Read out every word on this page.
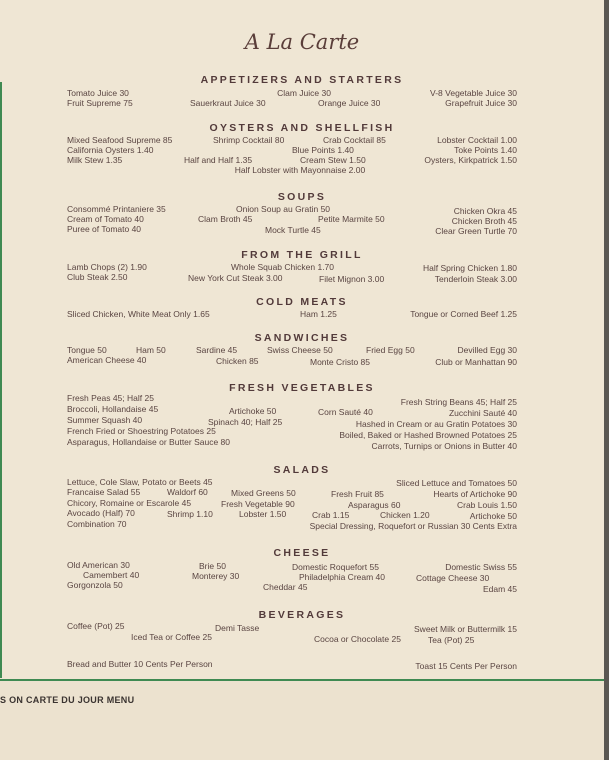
S ON CARTE DU JOUR MENU
A La Carte
APPETIZERS AND STARTERS
Tomato Juice 30	Clam Juice 30	V-8 Vegetable Juice 30
Fruit Supreme 75	Sauerkraut Juice 30	Orange Juice 30	Grapefruit Juice 30
OYSTERS AND SHELLFISH
Mixed Seafood Supreme 85	Shrimp Cocktail 80	Crab Cocktail 85	Lobster Cocktail 1.00
California Oysters 1.40	Blue Points 1.40	Toke Points 1.40
Milk Stew 1.35	Half and Half 1.35	Cream Stew 1.50	Oysters, Kirkpatrick 1.50
Half Lobster with Mayonnaise 2.00
SOUPS
Consommé Printaniere 35	Onion Soup au Gratin 50
Cream of Tomato 40	Clam Broth 45	Petite Marmite 50
Chicken Okra 45
Chicken Broth 45
Puree of Tomato 40	Mock Turtle 45	Clear Green Turtle 70
FROM THE GRILL
Lamb Chops (2) 1.90	Whole Squab Chicken 1.70	Half Spring Chicken 1.80
Club Steak 2.50	New York Cut Steak 3.00	Filet Mignon 3.00	Tenderloin Steak 3.00
COLD MEATS
Sliced Chicken, White Meat Only 1.65	Ham 1.25	Tongue or Corned Beef 1.25
SANDWICHES
Tongue 50	Ham 50	Sardine 45	Swiss Cheese 50	Fried Egg 50	Devilled Egg 30
American Cheese 40	Chicken 85	Monte Cristo 85	Club or Manhattan 90
FRESH VEGETABLES
Fresh Peas 45; Half 25	Fresh String Beans 45; Half 25
Broccoli, Hollandaise 45	Artichoke 50	Corn Sauté 40	Zucchini Sauté 40
Summer Squash 40	Spinach 40; Half 25	Hashed in Cream or au Gratin Potatoes 30
French Fried or Shoestring Potatoes 25	Boiled, Baked or Hashed Browned Potatoes 25
Asparagus, Hollandaise or Butter Sauce 80	Carrots, Turnips or Onions in Butter 40
SALADS
Lettuce, Cole Slaw, Potato or Beets 45	Sliced Lettuce and Tomatoes 50
Francaise Salad 55	Waldorf 60	Mixed Greens 50	Fresh Fruit 85	Hearts of Artichoke 90
Chicory, Romaine or Escarole 45	Fresh Vegetable 90	Asparagus 60	Crab Louis 1.50
Avocado (Half) 70	Shrimp 1.10	Lobster 1.50	Crab 1.15	Chicken 1.20	Artichoke 50
Combination 70	Special Dressing, Roquefort or Russian 30 Cents Extra
CHEESE
Old American 30	Brie 50	Domestic Roquefort 55	Domestic Swiss 55
Camembert 40	Monterey 30	Philadelphia Cream 40	Cottage Cheese 30
Gorgonzola 50	Cheddar 45	Edam 45
BEVERAGES
Coffee (Pot) 25	Demi Tasse	Sweet Milk or Buttermilk 15
Iced Tea or Coffee 25	Cocoa or Chocolate 25	Tea (Pot) 25
Bread and Butter 10 Cents Per Person	Toast 15 Cents Per Person
